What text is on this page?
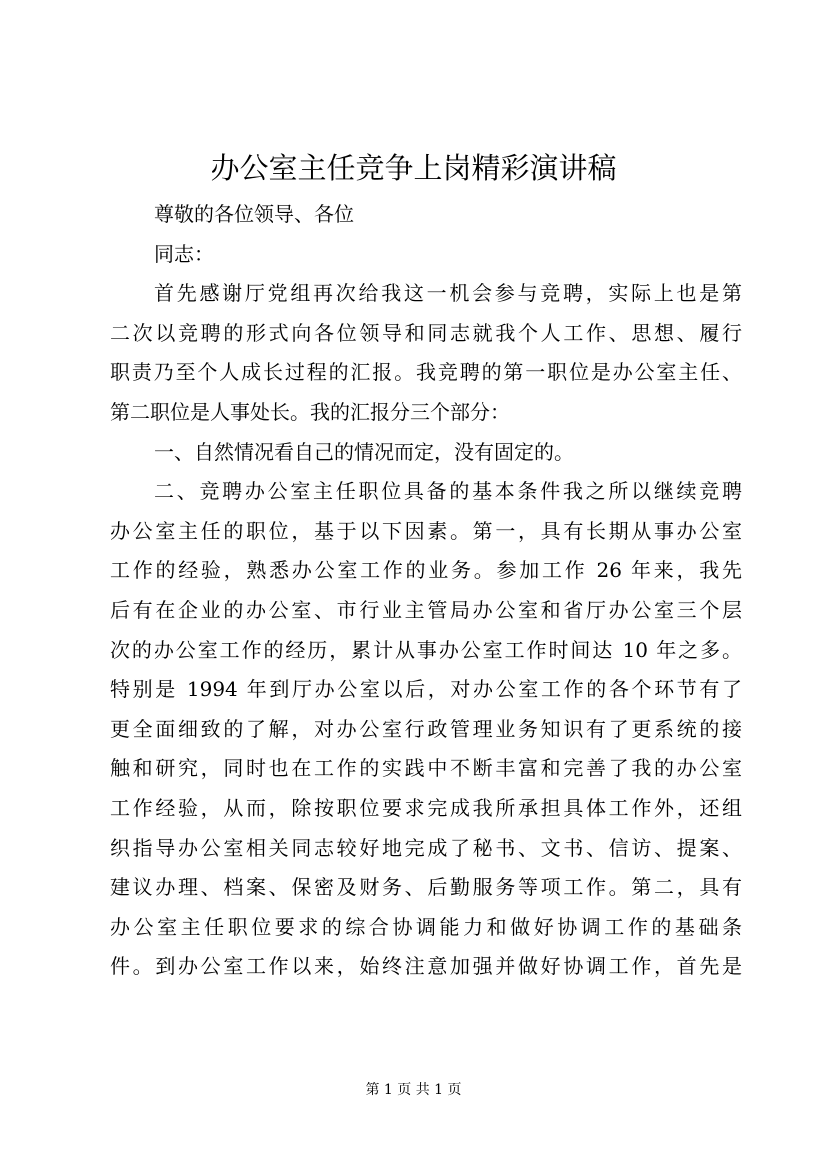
办公室主任竞争上岗精彩演讲稿
尊敬的各位领导、各位
同志：
首先感谢厅党组再次给我这一机会参与竞聘，实际上也是第
二次以竞聘的形式向各位领导和同志就我个人工作、思想、履行
职责乃至个人成长过程的汇报。我竞聘的第一职位是办公室主任、
第二职位是人事处长。我的汇报分三个部分：
一、自然情况看自己的情况而定，没有固定的。
二、竞聘办公室主任职位具备的基本条件我之所以继续竞聘
办公室主任的职位，基于以下因素。第一，具有长期从事办公室
工作的经验，熟悉办公室工作的业务。参加工作 26 年来，我先
后有在企业的办公室、市行业主管局办公室和省厅办公室三个层
次的办公室工作的经历，累计从事办公室工作时间达 10 年之多。
特别是 1994 年到厅办公室以后，对办公室工作的各个环节有了
更全面细致的了解，对办公室行政管理业务知识有了更系统的接
触和研究，同时也在工作的实践中不断丰富和完善了我的办公室
工作经验，从而，除按职位要求完成我所承担具体工作外，还组
织指导办公室相关同志较好地完成了秘书、文书、信访、提案、
建议办理、档案、保密及财务、后勤服务等项工作。第二，具有
办公室主任职位要求的综合协调能力和做好协调工作的基础条
件。到办公室工作以来，始终注意加强并做好协调工作，首先是
第 1 页 共 1 页
